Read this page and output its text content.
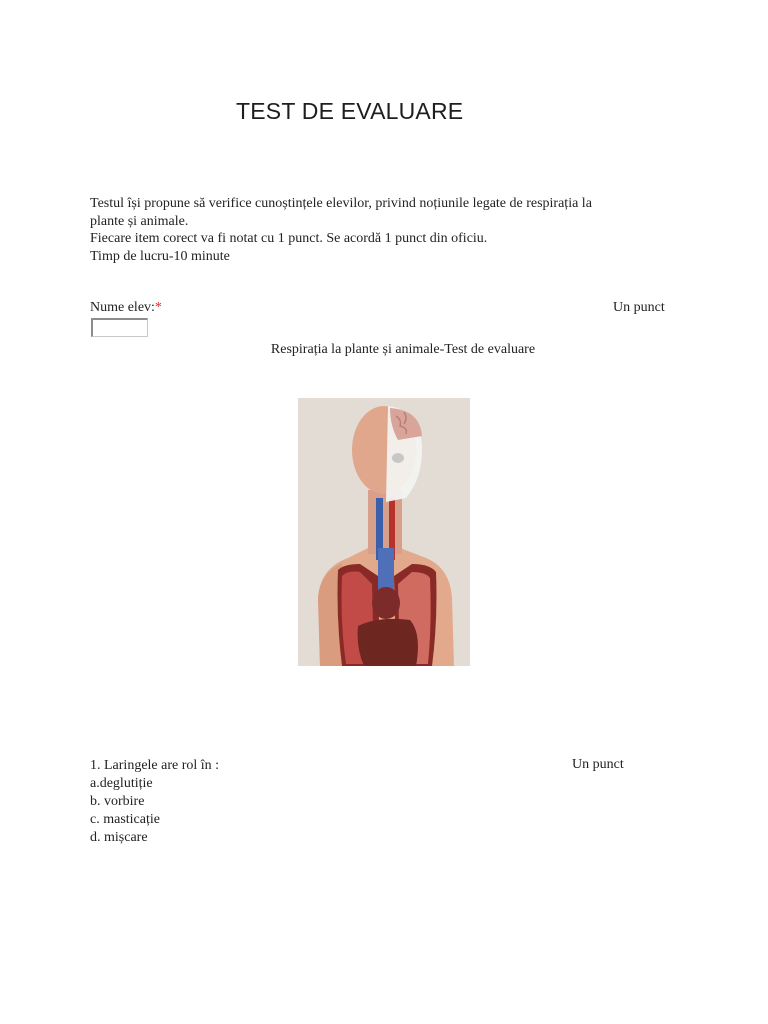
TEST DE EVALUARE
Testul își propune să verifice cunoștințele elevilor, privind noțiunile legate de respirația la
plante și animale.
Fiecare item corect va fi notat cu 1 punct. Se acordă 1 punct din oficiu.
Timp de lucru-10 minute
Nume elev:*	Un punct
Respirația la plante și animale-Test de evaluare
1. Laringele are rol în :
a.deglutiție
b. vorbire
c. masticație
d. mișcare
Un punct
